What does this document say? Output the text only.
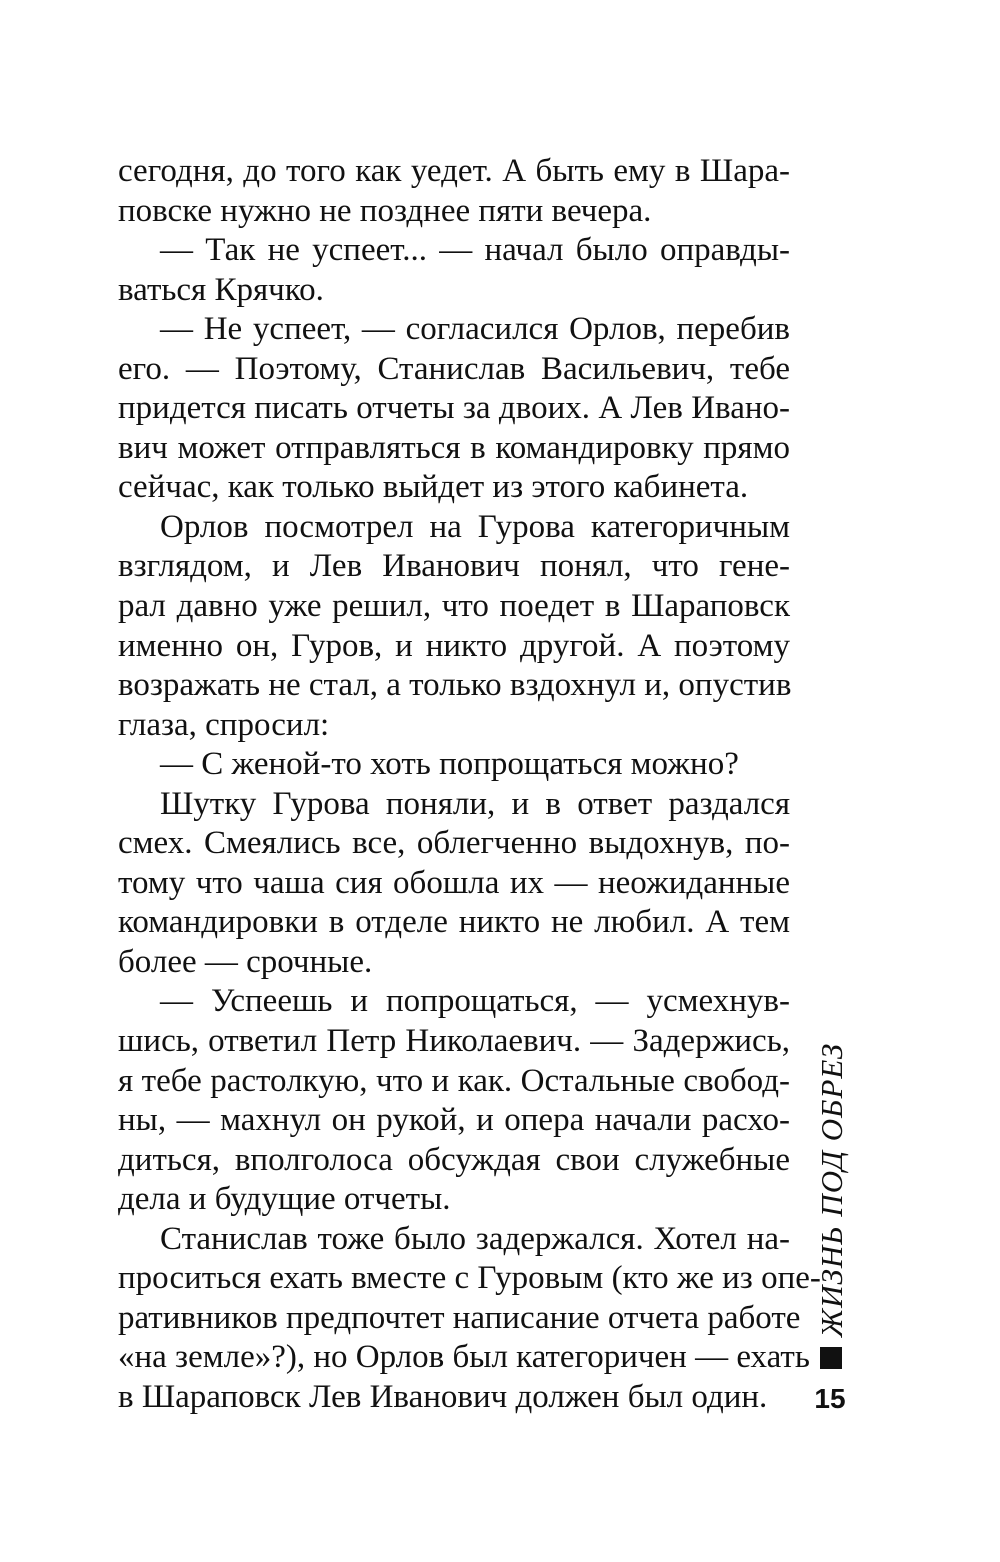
сегодня, до того как уедет. А быть ему в Шара-
повске нужно не позднее пяти вечера.
— Так не успеет... — начал было оправды-
ваться Крячко.
— Не успеет, — согласился Орлов, перебив
его. — Поэтому, Станислав Васильевич, тебе
придется писать отчеты за двоих. А Лев Ивано-
вич может отправляться в командировку прямо
сейчас, как только выйдет из этого кабинета.
Орлов посмотрел на Гурова категоричным
взглядом, и Лев Иванович понял, что гене-
рал давно уже решил, что поедет в Шараповск
именно он, Гуров, и никто другой. А поэтому
возражать не стал, а только вздохнул и, опустив
глаза, спросил:
— С женой-то хоть попрощаться можно?
Шутку Гурова поняли, и в ответ раздался
смех. Смеялись все, облегченно выдохнув, по-
тому что чаша сия обошла их — неожиданные
командировки в отделе никто не любил. А тем
более — срочные.
— Успеешь и попрощаться, — усмехнув-
шись, ответил Петр Николаевич. — Задержись,
я тебе растолкую, что и как. Остальные свобод-
ны, — махнул он рукой, и опера начали расхо-
диться, вполголоса обсуждая свои служебные
дела и будущие отчеты.
Станислав тоже было задержался. Хотел на-
проситься ехать вместе с Гуровым (кто же из опе-
ративников предпочтет написание отчета работе
«на земле»?), но Орлов был категоричен — ехать
в Шараповск Лев Иванович должен был один.
ЖИЗНЬ ПОД ОБРЕЗ
15
